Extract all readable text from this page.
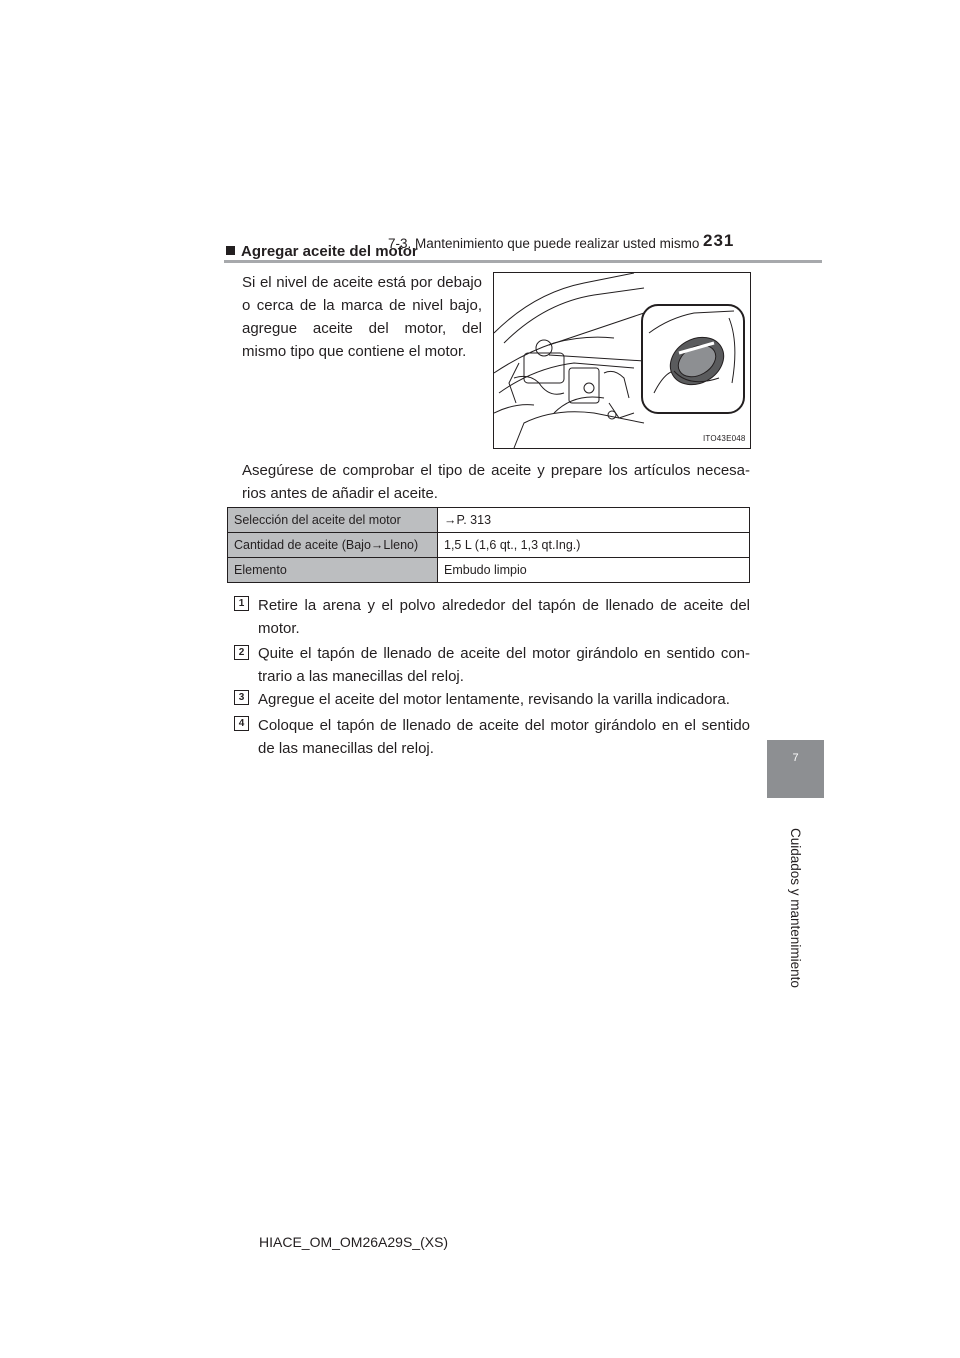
7-3. Mantenimiento que puede realizar usted mismo 231
7
Cuidados y mantenimiento
Agregar aceite del motor
Si el nivel de aceite está por debajo o cerca de la marca de nivel bajo, agregue aceite del motor, del mismo tipo que contiene el motor.
ITO43E048
Asegúrese de comprobar el tipo de aceite y prepare los artículos necesa-rios antes de añadir el aceite.
Selección del aceite del motor	→P. 313
Cantidad de aceite (Bajo→Lleno)	1,5 L (1,6 qt., 1,3 qt.Ing.)
Elemento	Embudo limpio
1 Retire la arena y el polvo alrededor del tapón de llenado de aceite del motor.
2 Quite el tapón de llenado de aceite del motor girándolo en sentido con-trario a las manecillas del reloj.
3 Agregue el aceite del motor lentamente, revisando la varilla indicadora.
4 Coloque el tapón de llenado de aceite del motor girándolo en el sentido de las manecillas del reloj.
HIACE_OM_OM26A29S_(XS)
